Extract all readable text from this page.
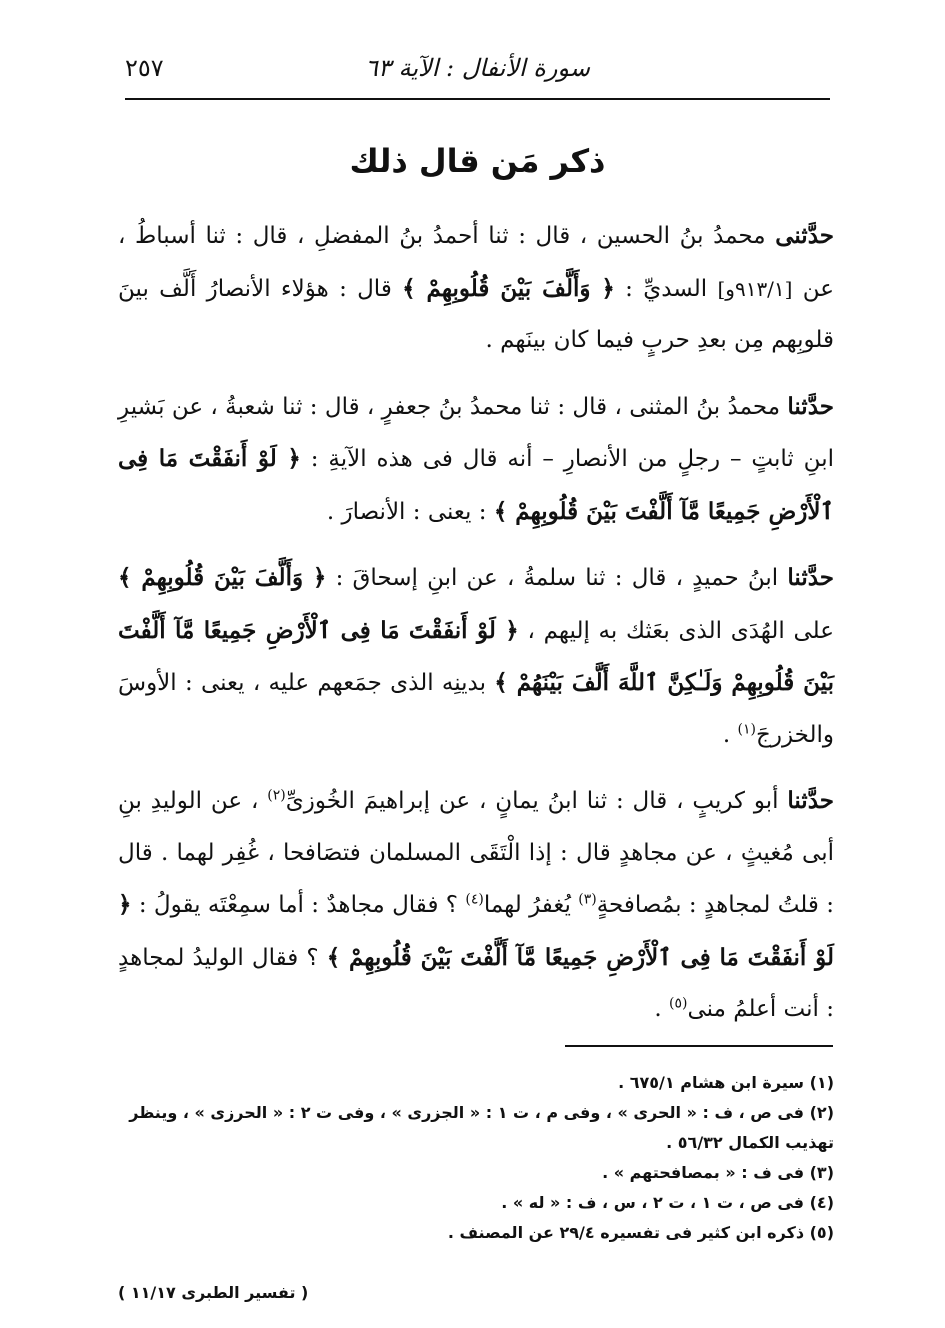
سورة الأنفال : الآية ٦٣
٢٥٧
ذكر مَن قال ذلك

حدَّثنى محمدُ بنُ الحسين ، قال : ثنا أحمدُ بنُ المفضلِ ، قال : ثنا أسباطُ ، عن [٩١٣/١و] السديِّ : ﴿ وَأَلَّفَ بَيْنَ قُلُوبِهِمْ ﴾ قال : هؤلاء الأنصارُ أَلَّف بينَ قلوبِهم مِن بعدِ حربٍ فيما كان بينَهم .

حدَّثنا محمدُ بنُ المثنى ، قال : ثنا محمدُ بنُ جعفرٍ ، قال : ثنا شعبةُ ، عن بَشيرِ ابنِ ثابتٍ – رجلٍ من الأنصارِ – أنه قال فى هذه الآيةِ : ﴿ لَوْ أَنفَقْتَ مَا فِى ٱلْأَرْضِ جَمِيعًا مَّآ أَلَّفْتَ بَيْنَ قُلُوبِهِمْ ﴾ : يعنى : الأنصارَ .

حدَّثنا ابنُ حميدٍ ، قال : ثنا سلمةُ ، عن ابنِ إسحاقَ : ﴿ وَأَلَّفَ بَيْنَ قُلُوبِهِمْ ﴾ على الهُدَى الذى بعَثك به إليهم ، ﴿ لَوْ أَنفَقْتَ مَا فِى ٱلْأَرْضِ جَمِيعًا مَّآ أَلَّفْتَ بَيْنَ قُلُوبِهِمْ وَلَـٰكِنَّ ٱللَّهَ أَلَّفَ بَيْنَهُمْ ﴾ بدينِه الذى جمَعهم عليه ، يعنى : الأوسَ والخزرجَ$^{(١)}$ .

حدَّثنا أبو كريبٍ ، قال : ثنا ابنُ يمانٍ ، عن إبراهيمَ الخُوزىِّ$^{(٢)}$ ، عن الوليدِ بنِ أبى مُغيثٍ ، عن مجاهدٍ قال : إذا الْتَقَى المسلمان فتصَافحا ، غُفِر لهما . قال : قلتُ لمجاهدٍ : بمُصافحةٍ$^{(٣)}$ يُغفرُ لهما$^{(٤)}$ ؟ فقال مجاهدٌ : أما سمِعْتَه يقولُ : ﴿ لَوْ أَنفَقْتَ مَا فِى ٱلْأَرْضِ جَمِيعًا مَّآ أَلَّفْتَ بَيْنَ قُلُوبِهِمْ ﴾ ؟ فقال الوليدُ لمجاهدٍ : أنت أعلمُ منى$^{(٥)}$ .

(١) سيرة ابن هشام ٦٧٥/١ .

(٢) فى ص ، ف : « الحرى » ، وفى م ، ت ١ : « الجزرى » ، وفى ت ٢ : « الحرزى » ، وينظر تهذيب الكمال ٥٦/٣٢ .

(٣) فى ف : « بمصافحتهم » .

(٤) فى ص ، ت ١ ، ت ٢ ، س ، ف : « له » .

(٥) ذكره ابن كثير فى تفسيره ٢٩/٤ عن المصنف .

( تفسير الطبرى ١١/١٧ )
